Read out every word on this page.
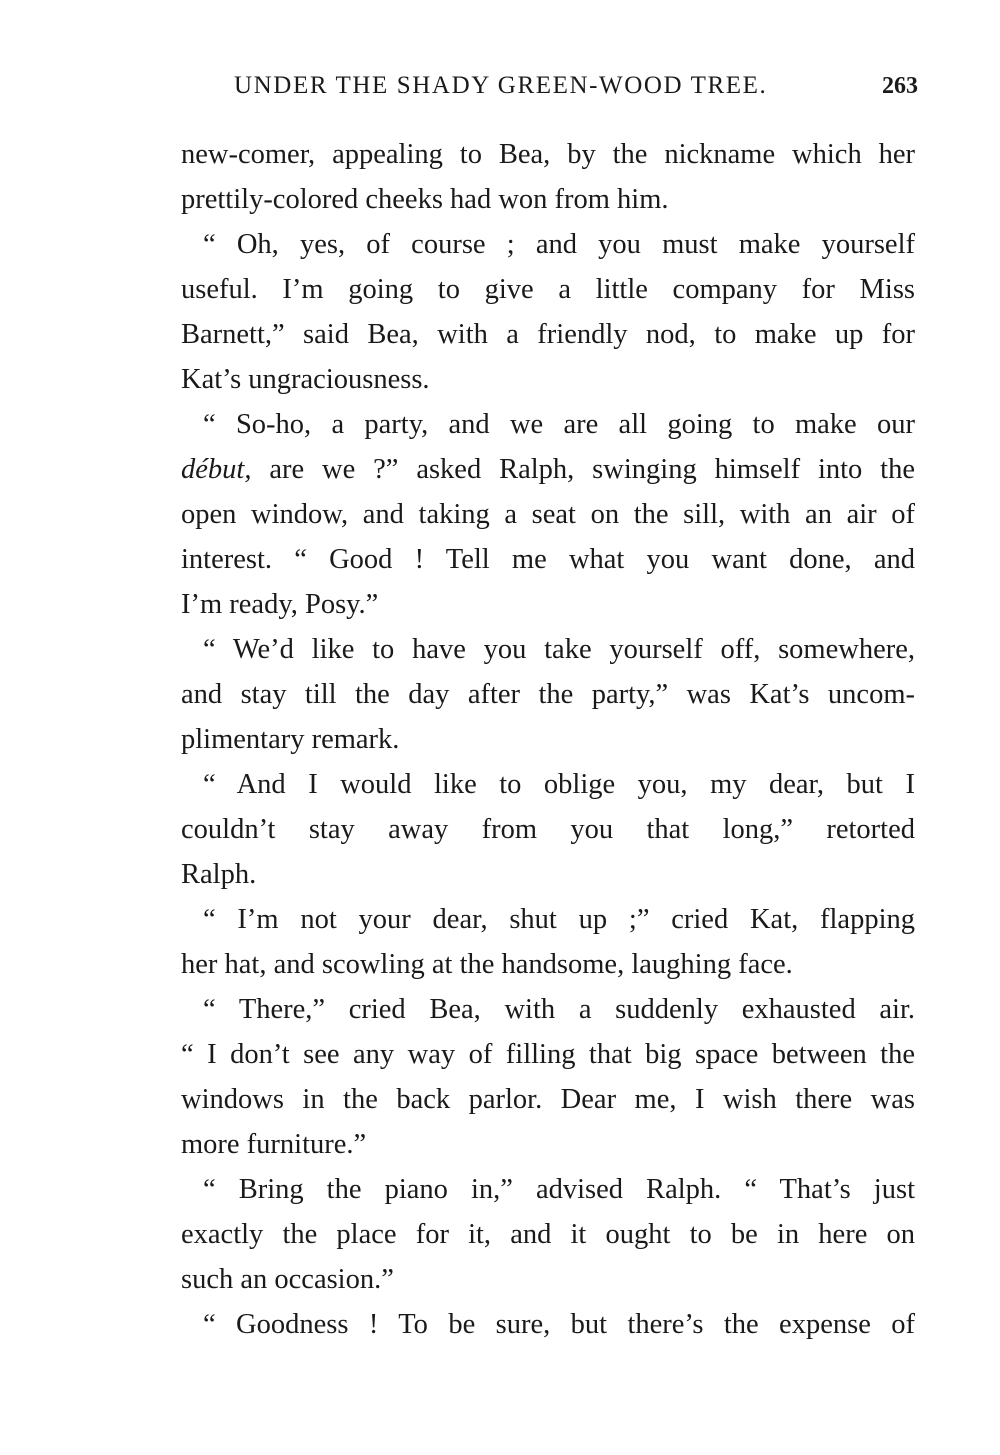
UNDER THE SHADY GREEN-WOOD TREE.	263
new-comer, appealing to Bea, by the nickname which her
prettily-colored cheeks had won from him.
“ Oh, yes, of course ; and you must make yourself
useful. I’m going to give a little company for Miss
Barnett,” said Bea, with a friendly nod, to make up for
Kat’s ungraciousness.
“ So-ho, a party, and we are all going to make our
début, are we ?” asked Ralph, swinging himself into the
open window, and taking a seat on the sill, with an air of
interest. “ Good ! Tell me what you want done, and
I’m ready, Posy.”
“ We’d like to have you take yourself off, somewhere,
and stay till the day after the party,” was Kat’s uncom-
plimentary remark.
“ And I would like to oblige you, my dear, but I
couldn’t stay away from you that long,” retorted
Ralph.
“ I’m not your dear, shut up ;” cried Kat, flapping
her hat, and scowling at the handsome, laughing face.
“ There,” cried Bea, with a suddenly exhausted air.
“ I don’t see any way of filling that big space between the
windows in the back parlor. Dear me, I wish there was
more furniture.”
“ Bring the piano in,” advised Ralph. “ That’s just
exactly the place for it, and it ought to be in here on
such an occasion.”
“ Goodness ! To be sure, but there’s the expense of
